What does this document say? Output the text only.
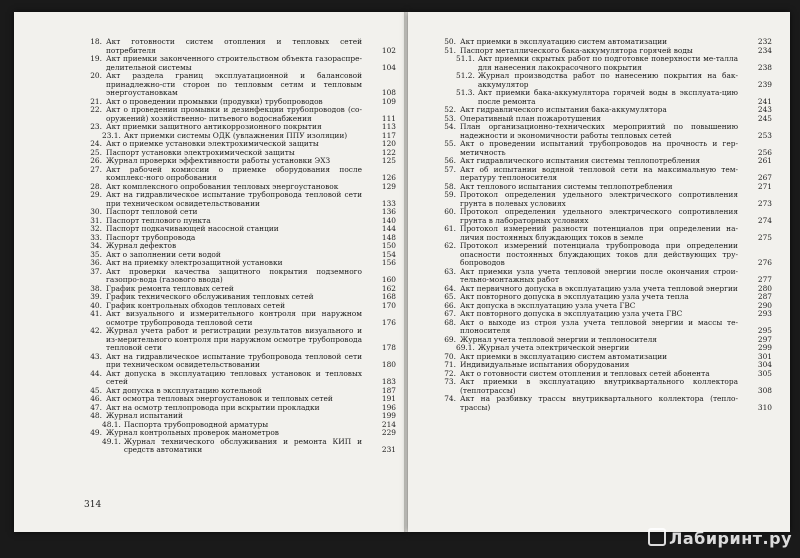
18. Акт готовности систем отопления и тепловых сетей потребителя	102
19. Акт приемки законченного строительством объекта газораспре-делительной системы	104
20. Акт разделa границ эксплуатационной и балансовой принадлежно-сти сторон по тепловым сетям и тепловым энергоустановкам	108
21. Акт о проведении промывки (продувки) трубопроводов	109
22. Акт о проведении промывки и дезинфекции трубопроводов (со-оружений) хозяйственно- питьевого водоснабжения	111
23. Акт приемки защитного антикоррозионного покрытия	113
23.1. Акт приемки системы ОДК (увлажнения ППУ изоляции)	117
24. Акт о приемке установки электрохимической защиты	120
25. Паспорт установки электрохимической защиты	122
26. Журнал проверки эффективности работы установки ЭХЗ	125
27. Акт рабочей комиссии о приемке оборудования после комплекс-ного опробования	126
28. Акт комплексного опробования тепловых энергоустановок	129
29. Акт на гидравлическое испытание трубопровода тепловой сети при техническом освидетельствовании	133
30. Паспорт тепловой сети	136
31. Паспорт теплового пункта	140
32. Паспорт подкачивающей насосной станции	144
33. Паспорт трубопровода	148
34. Журнал дефектов	150
35. Акт о заполнении сети водой	154
36. Акт на приемку электрозащитной установки	156
37. Акт проверки качества защитного покрытия подземного газопро-вода (газового ввода)	160
38. График ремонта тепловых сетей	162
39. График технического обслуживания тепловых сетей	168
40. График контрольных обходов тепловых сетей	170
41. Акт визуального и измерительного контроля при наружном осмотре трубопровода тепловой сети	176
42. Журнал учета работ и регистрации результатов визуального и из-мерительного контроля при наружном осмотре трубопровода тепловой сети	178
43. Акт на гидравлическое испытание трубопровода тепловой сети при техническом освидетельствовании	180
44. Акт допуска в эксплуатацию тепловых установок и тепловых сетей	183
45. Акт допуска в эксплуатацию котельной	187
46. Акт осмотра тепловых энергоустановок и тепловых сетей	191
47. Акт на осмотр теплопровода при вскрытии прокладки	196
48. Журнал испытаний	199
48.1. Паспорта трубопроводной арматуры	214
49. Журнал контрольных проверок манометров	229
49.1. Журнал технического обслуживания и ремонта КИП и средств автоматики	231
314
50. Акт приемки в эксплуатацию систем автоматизации	232
51. Паспорт металлического бака-аккумулятора горячей воды	234
51.1. Акт приемки скрытых работ по подготовке поверхности ме-талла для нанесения лакокрасочного покрытия	238
51.2. Журнал производства работ по нанесению покрытия на бак-аккумулятор	239
51.3. Акт приемки бака-аккумулятора горячей воды в эксплуата-цию после ремонта	241
52. Акт гидравлического испытания бака-аккумулятора	243
53. Оперативный план пожаротушения	245
54. План организационно-технических мероприятий по повышению надежности и экономичности работы тепловых сетей	253
55. Акт о проведении испытаний трубопроводов на прочность и гер-метичность	256
56. Акт гидравлического испытания системы теплопотребления	261
57. Акт об испытании водяной тепловой сети на максимальную тем-пературу теплоносителя	267
58. Акт теплового испытания системы теплопотребления	271
59. Протокол определения удельного электрического сопротивления грунта в полевых условиях	273
60. Протокол определения удельного электрического сопротивления грунта в лабораторных условиях	274
61. Протокол измерений разности потенциалов при определении на-личия постоянных блуждающих токов в земле	275
62. Протокол измерений потенциала трубопровода при определении опасности постоянных блуждающих токов для действующих тру-бопроводов	276
63. Акт приемки узла учета тепловой энергии после окончания строи-тельно-монтажных работ	277
64. Акт первичного допуска в эксплуатацию узла учета тепловой энергии	280
65. Акт повторного допуска в эксплуатацию узла учета тепла	287
66. Акт допуска в эксплуатацию узла учета ГВС	290
67. Акт повторного допуска в эксплуатацию узла учета ГВС	293
68. Акт о выходе из строя узла учета тепловой энергии и массы те-плоносителя	295
69. Журнал учета тепловой энергии и теплоносителя	297
69.1. Журнал учета электрической энергии	299
70. Акт приемки в эксплуатацию систем автоматизации	301
71. Индивидуальные испытания оборудования	304
72. Акт о готовности систем отопления и тепловых сетей абонента	305
73. Акт приемки в эксплуатацию внутриквартального коллектора (теплотрассы)	308
74. Акт на разбивку трассы внутриквартального коллектора (тепло-трассы)	310
Лабиринт.ру
